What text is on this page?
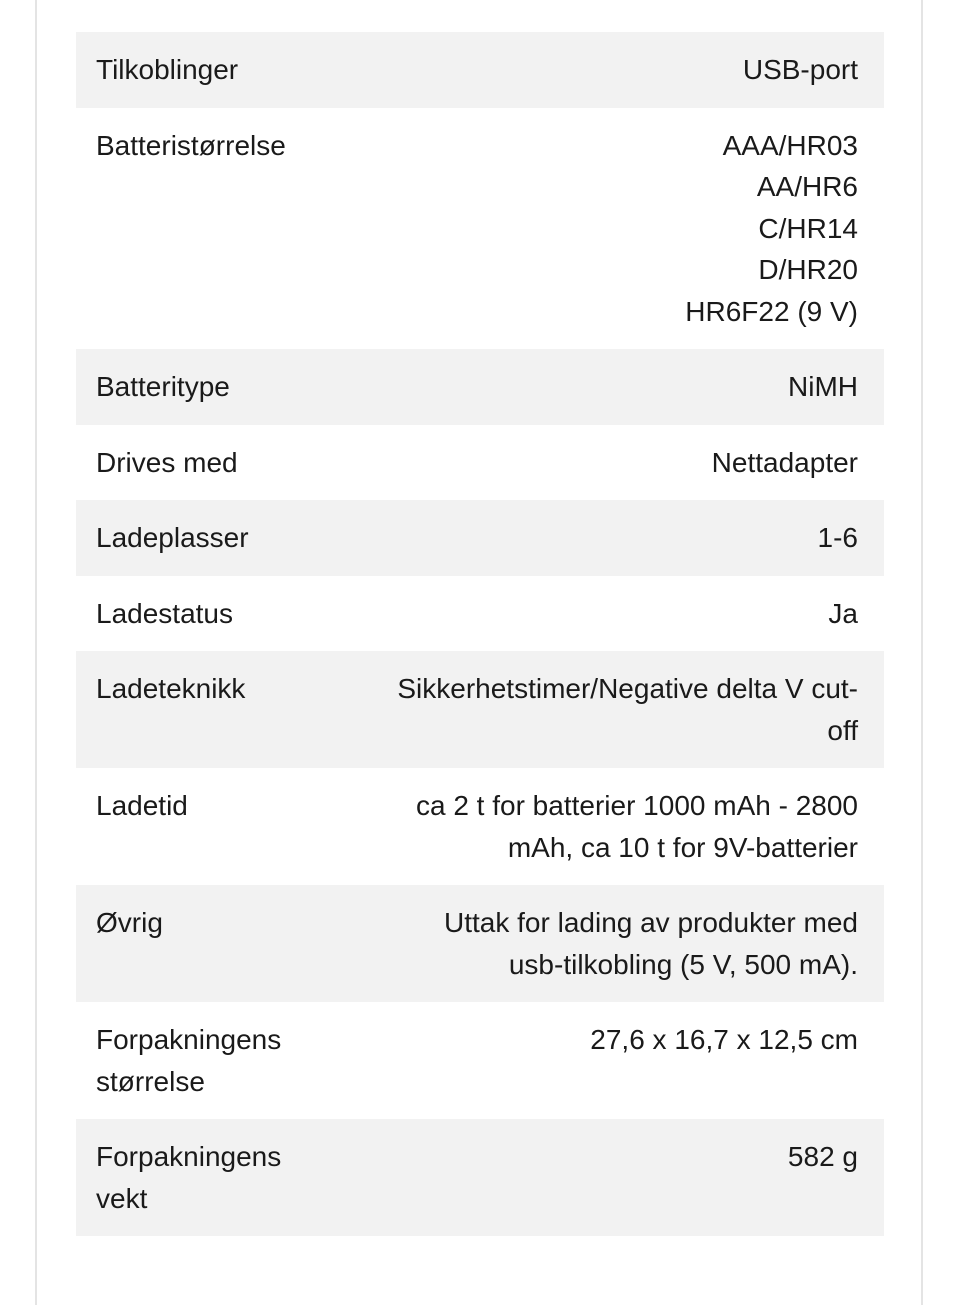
Tilkoblinger	USB-port

Batteristørrelse	AAA/HR03
AA/HR6
C/HR14
D/HR20
HR6F22 (9 V)

Batteritype	NiMH

Drives med	Nettadapter

Ladeplasser	1-6

Ladestatus	Ja

Ladeteknikk	Sikkerhetstimer/Negative delta V cut-
off

Ladetid	ca 2 t for batterier 1000 mAh - 2800
mAh, ca 10 t for 9V-batterier

Øvrig	Uttak for lading av produkter med
usb-tilkobling (5 V, 500 mA).

Forpakningens størrelse	27,6 x 16,7 x 12,5 cm

Forpakningens vekt	582 g
